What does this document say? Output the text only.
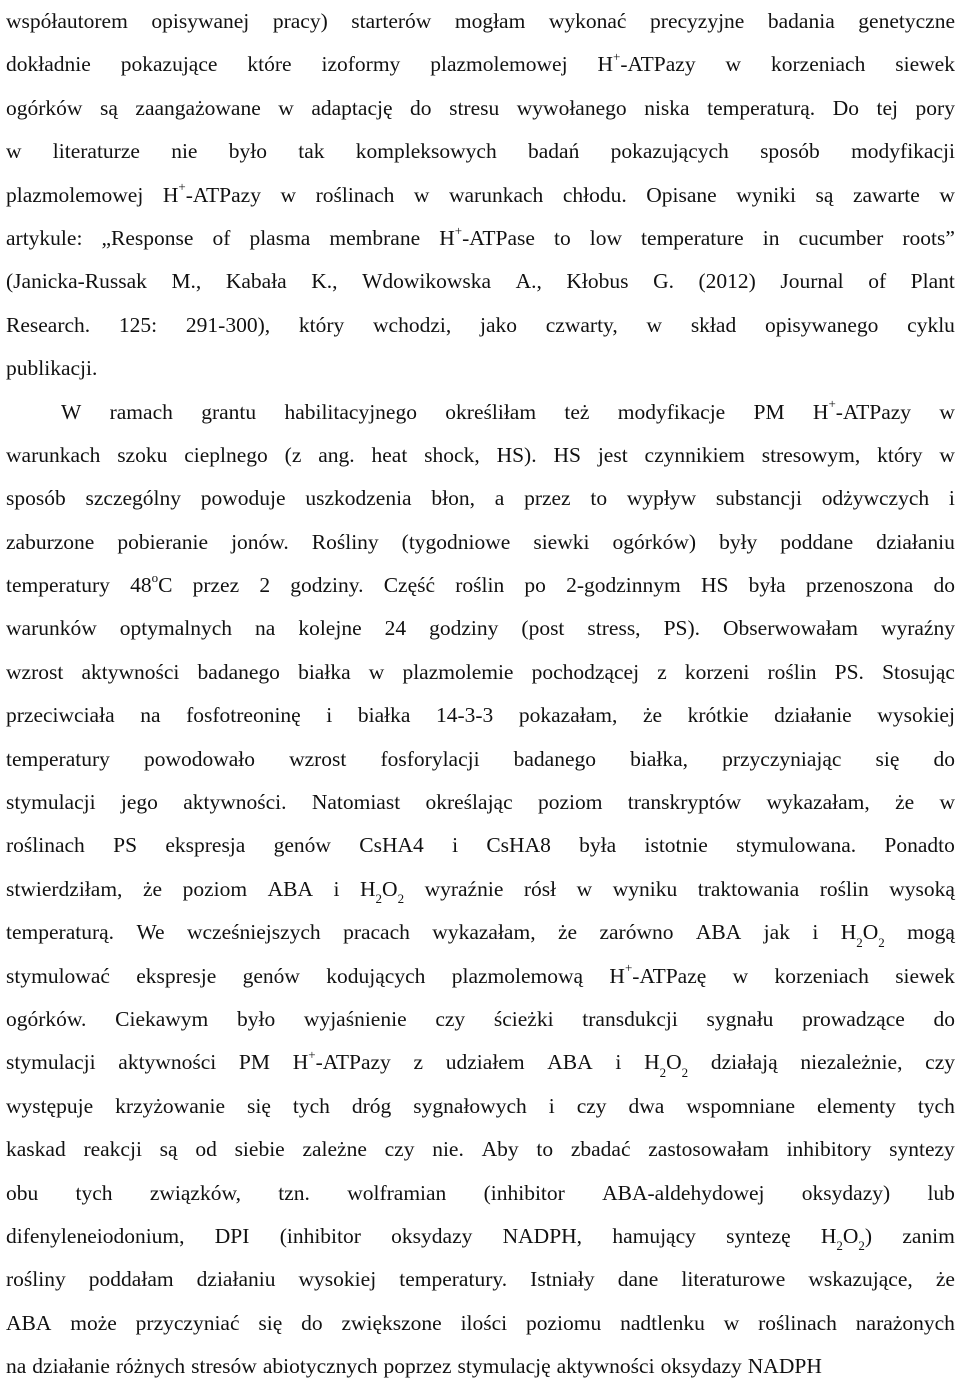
współautorem opisywanej pracy) starterów mogłam wykonać precyzyjne badania genetyczne
dokładnie pokazujące które izoformy plazmolemowej H+-ATPazy w korzeniach siewek
ogórków są zaangażowane w adaptację do stresu wywołanego niska temperaturą. Do tej pory
w literaturze nie było tak kompleksowych badań pokazujących sposób modyfikacji
plazmolemowej H+-ATPazy w roślinach w warunkach chłodu. Opisane wyniki są zawarte w
artykule: „Response of plasma membrane H+-ATPase to low temperature in cucumber roots”
(Janicka-Russak M., Kabała K., Wdowikowska A., Kłobus G. (2012) Journal of Plant
Research. 125: 291-300), który wchodzi, jako czwarty, w skład opisywanego cyklu
publikacji.
W ramach grantu habilitacyjnego określiłam też modyfikacje PM H+-ATPazy w
warunkach szoku cieplnego (z ang. heat shock, HS). HS jest czynnikiem stresowym, który w
sposób szczególny powoduje uszkodzenia błon, a przez to wypływ substancji odżywczych i
zaburzone pobieranie jonów. Rośliny (tygodniowe siewki ogórków) były poddane działaniu
temperatury 48$^o$C przez 2 godziny. Część roślin po 2-godzinnym HS była przenoszona do
warunków optymalnych na kolejne 24 godziny (post stress, PS). Obserwowałam wyraźny
wzrost aktywności badanego białka w plazmolemie pochodzącej z korzeni roślin PS. Stosując
przeciwciała na fosfotreoninę i białka 14-3-3 pokazałam, że krótkie działanie wysokiej
temperatury powodowało wzrost fosforylacji badanego białka, przyczyniając się do
stymulacji jego aktywności. Natomiast określając poziom transkryptów wykazałam, że w
roślinach PS ekspresja genów CsHA4 i CsHA8 była istotnie stymulowana. Ponadto
stwierdziłam, że poziom ABA i $H_2O_2$ wyraźnie rósł w wyniku traktowania roślin wysoką
temperaturą. We wcześniejszych pracach wykazałam, że zarówno ABA jak i $H_2O_2$ mogą
stymulować ekspresje genów kodujących plazmolemową H+-ATPazę w korzeniach siewek
ogórków. Ciekawym było wyjaśnienie czy ścieżki transdukcji sygnału prowadzące do
stymulacji aktywności PM H+-ATPazy z udziałem ABA i $H_2O_2$ działają niezależnie, czy
występuje krzyżowanie się tych dróg sygnałowych i czy dwa wspomniane elementy tych
kaskad reakcji są od siebie zależne czy nie. Aby to zbadać zastosowałam inhibitory syntezy
obu tych związków, tzn. wolframian (inhibitor ABA-aldehydowej oksydazy) lub
difenyleneiodonium, DPI (inhibitor oksydazy NADPH, hamujący syntezę $H_2O_2$) zanim
rośliny poddałam działaniu wysokiej temperatury. Istniały dane literaturowe wskazujące, że
ABA może przyczyniać się do zwiększone ilości poziomu nadtlenku w roślinach narażonych
na działanie różnych stresów abiotycznych poprzez stymulację aktywności oksydazy NADPH
